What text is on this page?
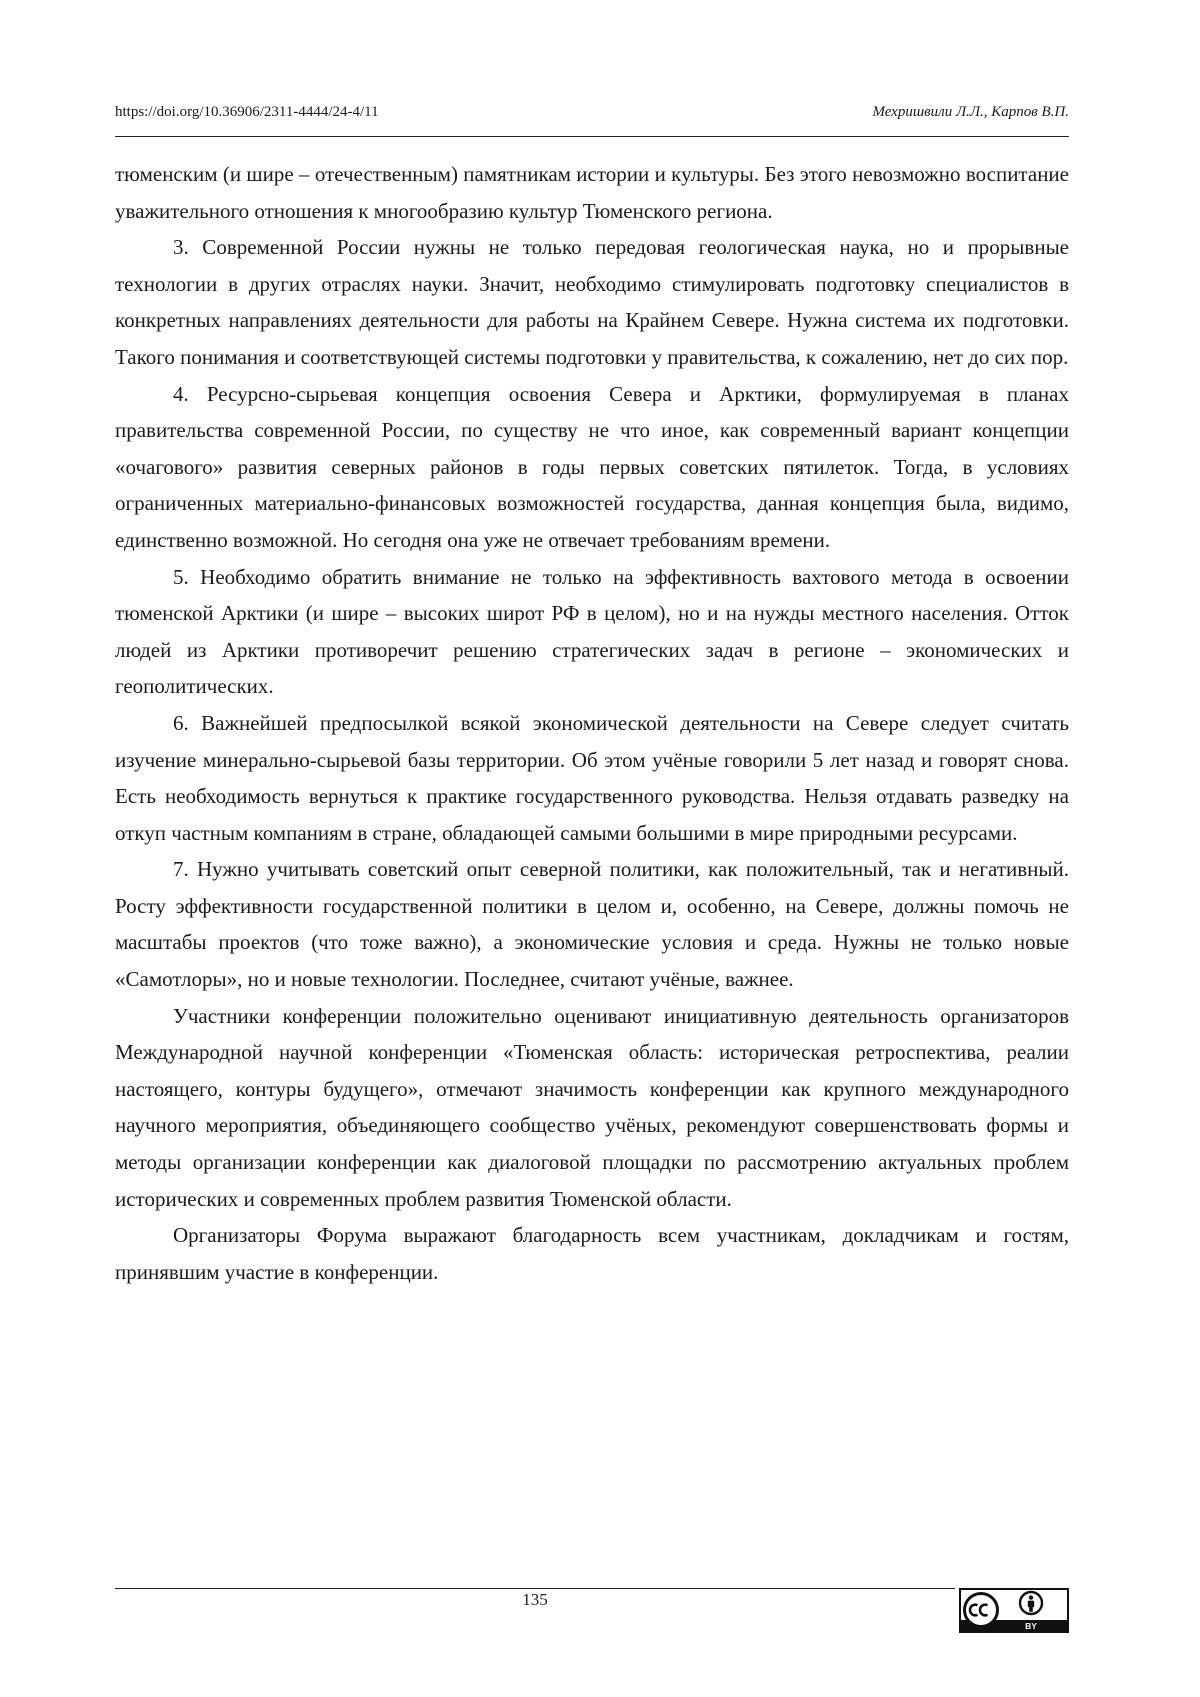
https://doi.org/10.36906/2311-4444/24-4/11	Мехришвили Л.Л., Карпов В.П.

тюменским (и шире – отечественным) памятникам истории и культуры. Без этого невозможно воспитание уважительного отношения к многообразию культур Тюменского региона.

3. Современной России нужны не только передовая геологическая наука, но и прорывные технологии в других отраслях науки. Значит, необходимо стимулировать подготовку специалистов в конкретных направлениях деятельности для работы на Крайнем Севере. Нужна система их подготовки. Такого понимания и соответствующей системы подготовки у правительства, к сожалению, нет до сих пор.

4. Ресурсно-сырьевая концепция освоения Севера и Арктики, формулируемая в планах правительства современной России, по существу не что иное, как современный вариант концепции «очагового» развития северных районов в годы первых советских пятилеток. Тогда, в условиях ограниченных материально-финансовых возможностей государства, данная концепция была, видимо, единственно возможной. Но сегодня она уже не отвечает требованиям времени.

5. Необходимо обратить внимание не только на эффективность вахтового метода в освоении тюменской Арктики (и шире – высоких широт РФ в целом), но и на нужды местного населения. Отток людей из Арктики противоречит решению стратегических задач в регионе – экономических и геополитических.

6. Важнейшей предпосылкой всякой экономической деятельности на Севере следует считать изучение минерально-сырьевой базы территории. Об этом учёные говорили 5 лет назад и говорят снова. Есть необходимость вернуться к практике государственного руководства. Нельзя отдавать разведку на откуп частным компаниям в стране, обладающей самыми большими в мире природными ресурсами.

7. Нужно учитывать советский опыт северной политики, как положительный, так и негативный. Росту эффективности государственной политики в целом и, особенно, на Севере, должны помочь не масштабы проектов (что тоже важно), а экономические условия и среда. Нужны не только новые «Самотлоры», но и новые технологии. Последнее, считают учёные, важнее.

Участники конференции положительно оценивают инициативную деятельность организаторов Международной научной конференции «Тюменская область: историческая ретроспектива, реалии настоящего, контуры будущего», отмечают значимость конференции как крупного международного научного мероприятия, объединяющего сообщество учёных, рекомендуют совершенствовать формы и методы организации конференции как диалоговой площадки по рассмотрению актуальных проблем исторических и современных проблем развития Тюменской области.

Организаторы Форума выражают благодарность всем участникам, докладчикам и гостям, принявшим участие в конференции.

135
BY
